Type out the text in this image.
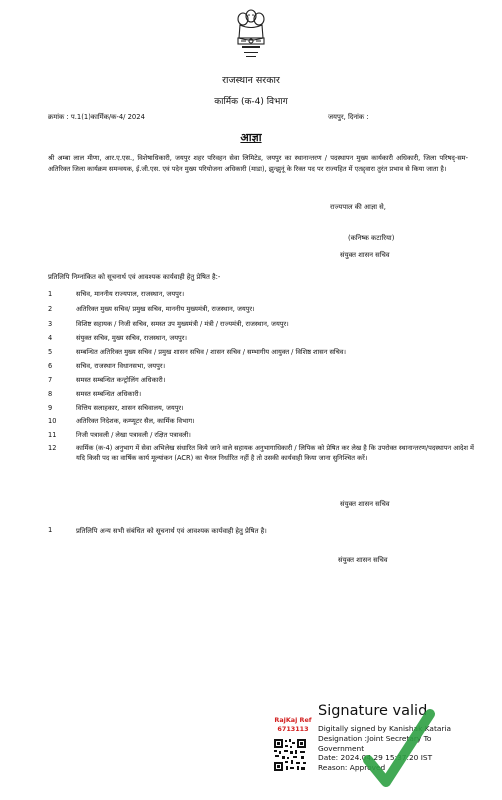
राजस्थान सरकार
कार्मिक (क-4) विभाग
क्रमांक : प.1(1)कार्मिक/क-4/ 2024	जयपुर, दिनांक :
आज्ञा
श्री अम्बा लाल मीणा, आर.ए.एस., विशेषाधिकारी, जयपुर शहर परिवहन सेवा लिमिटेड, जयपुर का स्थानान्तरण / पदस्थापन मुख्य कार्यकारी अधिकारी, जिला परिषद्-सम- अतिरिक्त जिला कार्यक्रम समन्वयक, ई.जी.एस. एवं पदेन मुख्य परियोजना अधिकारी (माडा), झुन्झुनूं के रिक्त पद पर राज्यहित में एतद्द्वारा तुरंत प्रभाव से किया जाता है।
राज्यपाल की आज्ञा से,
(कनिष्क कटारिया)
संयुक्त शासन सचिव
प्रतिलिपि निम्नांकित को सूचनार्थ एवं आवश्यक कार्यवाही हेतु प्रेषित है:-
1	सचिव, माननीय राज्यपाल, राजस्थान, जयपुर।
2	अतिरिक्त मुख्य सचिव/ प्रमुख सचिव, माननीय मुख्यमंत्री, राजस्थान, जयपुर।
3	विशिष्ट सहायक / निजी सचिव, समस्त उप मुख्यमंत्री / मंत्री / राज्यमंत्री, राजस्थान, जयपुर।
4	संयुक्त सचिव, मुख्य सचिव, राजस्थान, जयपुर।
5	सम्बन्धित अतिरिक्त मुख्य सचिव / प्रमुख शासन सचिव / शासन सचिव / सम्भागीय आयुक्त / विशिष्ठ शासन सचिव।
6	सचिव, राजस्थान विधानसभा, जयपुर।
7	समस्त सम्बन्धित कन्ट्रोलिंग अधिकारी।
8	समस्त सम्बन्धित अधिकारी।
9	वित्तिय सलाहकार, शासन सचिवालय, जयपुर।
10	अतिरिक्त निदेशक, कम्प्यूटर सैल, कार्मिक विभाग।
11	निजी पत्रावली / लेखा पत्रावली / रक्षित पत्रावली।
12	कार्मिक (क-4) अनुभाग में सेवा अभिलेख संधारित किये जाने वाले सहायक अनुभागाधिकारी / लिपिक को प्रेषित कर लेख है कि उपरोक्त स्थानान्तरण/पदस्थापन आदेश में यदि किसी पद का वार्षिक कार्य मूल्यांकन (ACR) का चैनल निर्धारित नहीं है तो उसकी कार्यवाही किया जाना सुनिश्चित करें।
संयुक्त शासन सचिव
1	प्रतिलिपि अन्य सभी संबंधित को सूचनार्थ एवं आवश्यक कार्यवाही हेतु प्रेषित है।
संयुक्त शासन सचिव
RajKaj Ref
6713113
Signature valid
Digitally signed by Kanishak Kataria
Designation :Joint Secretary To
Government
Date: 2024.04.29 15:37:20 IST
Reason: Approved
